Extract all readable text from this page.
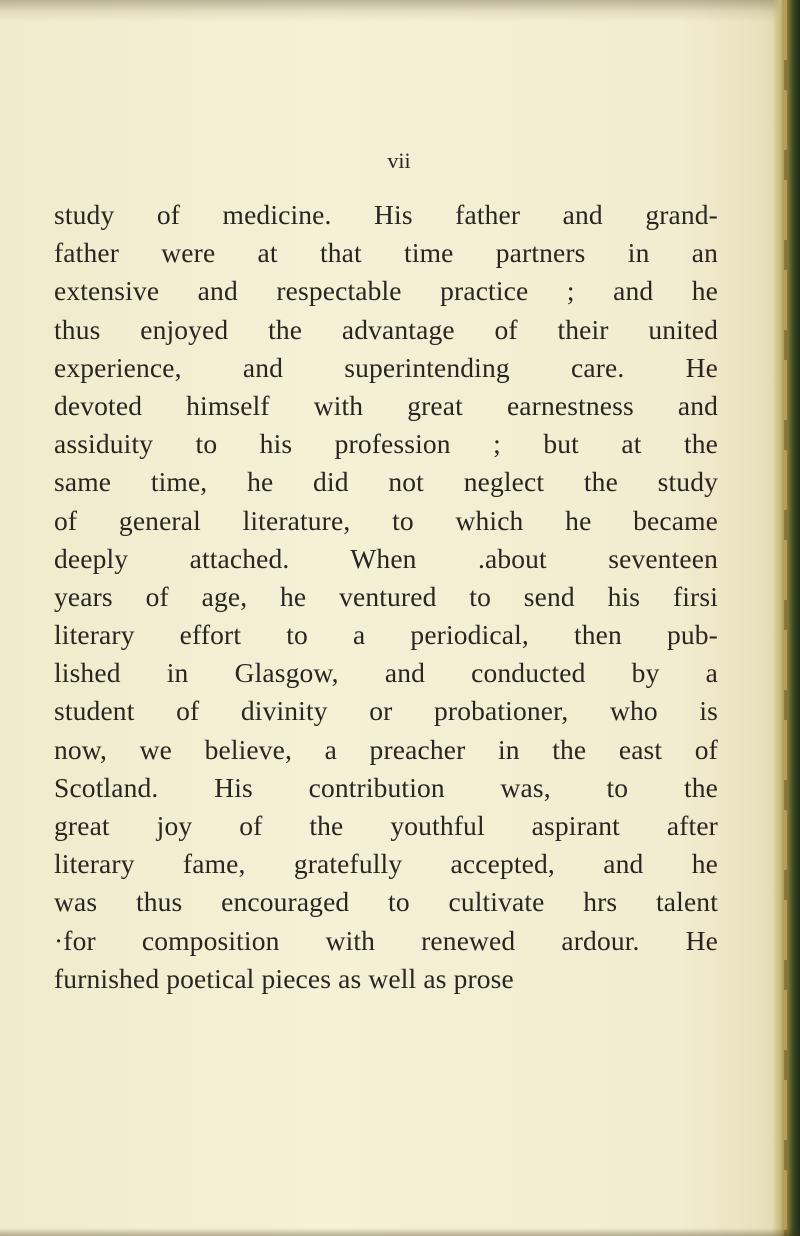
vii
study of medicine. His father and grand-
father were at that time partners in an
extensive and respectable practice ; and he
thus enjoyed the advantage of their united
experience, and superintending care. He
devoted himself with great earnestness and
assiduity to his profession ; but at the
same time, he did not neglect the study
of general literature, to which he became
deeply attached. When .about seventeen
years of age, he ventured to send his firsi
literary effort to a periodical, then pub-
lished in Glasgow, and conducted by a
student of divinity or probationer, who is
now, we believe, a preacher in the east of
Scotland. His contribution was, to the
great joy of the youthful aspirant after
literary fame, gratefully accepted, and he
was thus encouraged to cultivate hrs talent
·for composition with renewed ardour. He
furnished poetical pieces as well as prose
